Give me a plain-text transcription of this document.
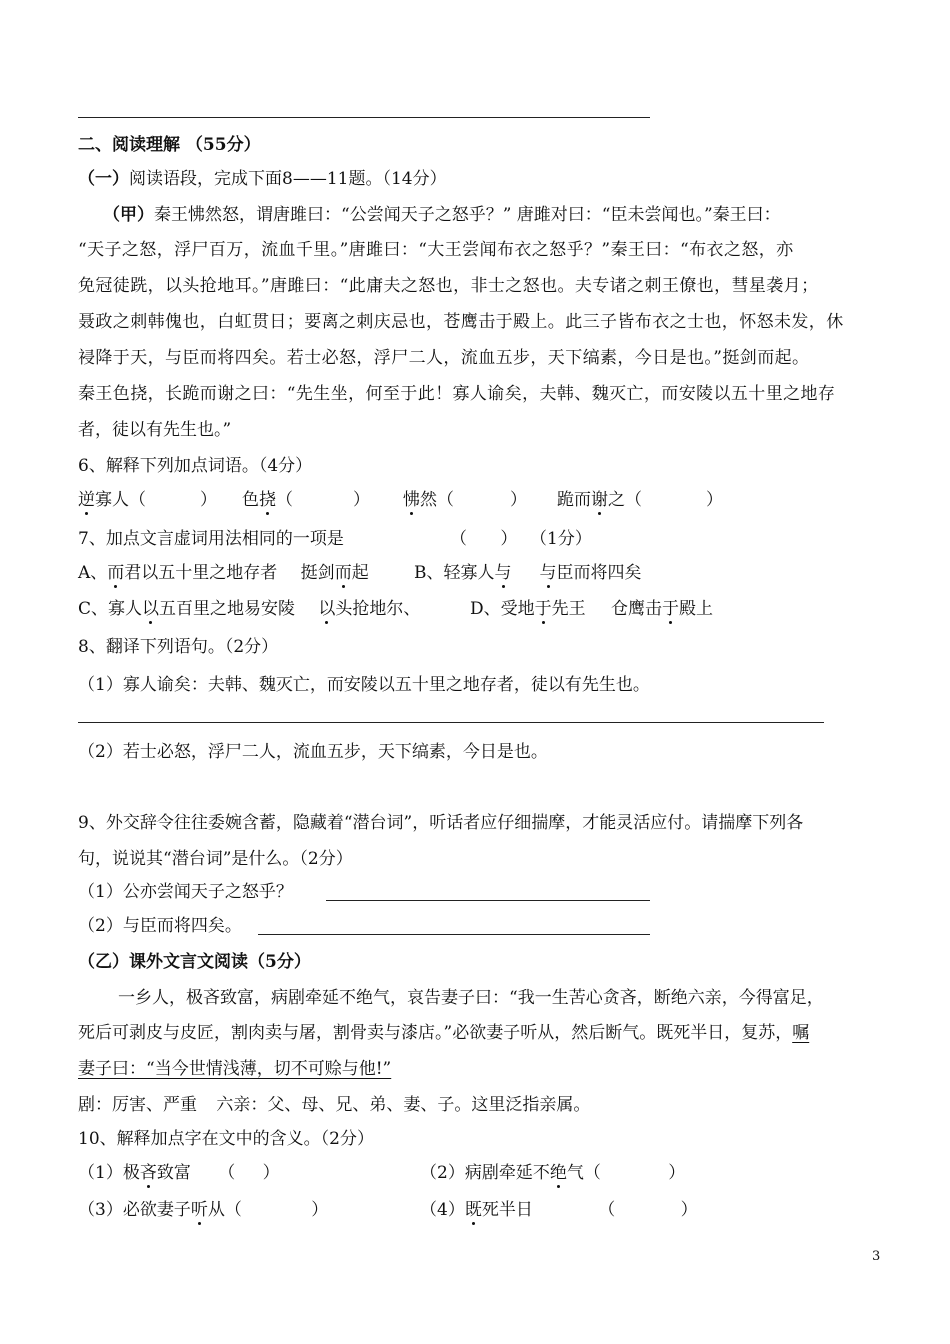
二、阅读理解 （55分）
（一）阅读语段，完成下面8——11题。（14分）
（甲）秦王怫然怒，谓唐雎曰：“公尝闻天子之怒乎？” 唐雎对曰：“臣未尝闻也。”秦王曰：
“天子之怒，浮尸百万，流血千里。”唐雎曰：“大王尝闻布衣之怒乎？”秦王曰：“布衣之怒，亦
免冠徒跣，以头抢地耳。”唐雎曰：“此庸夫之怒也，非士之怒也。夫专诸之刺王僚也，彗星袭月；
聂政之刺韩傀也，白虹贯日；要离之刺庆忌也，苍鹰击于殿上。此三子皆布衣之士也，怀怒未发，休
祲降于天，与臣而将四矣。若士必怒，浮尸二人，流血五步，天下缟素，今日是也。”挺剑而起。
秦王色挠，长跪而谢之曰：“先生坐，何至于此！寡人谕矣，夫韩、魏灭亡，而安陵以五十里之地存
者，徒以有先生也。”
6、解释下列加点词语。（4分）
逆寡人（	） 色挠（	） 怫然（	） 跪而谢之（	）
7、加点文言虚词用法相同的一项是	（ ） （1分）
A、而君以五十里之地存者 挺剑而起	B、轻寡人与 与臣而将四矣
C、寡人以五百里之地易安陵 以头抢地尔、	D、受地于先王 仓鹰击于殿上
8、翻译下列语句。（2分）
（1）寡人谕矣：夫韩、魏灭亡，而安陵以五十里之地存者，徒以有先生也。
（2）若士必怒，浮尸二人，流血五步，天下缟素，今日是也。
9、外交辞令往往委婉含蓄，隐藏着“潜台词”，听话者应仔细揣摩，才能灵活应付。请揣摩下列各
句，说说其“潜台词”是什么。（2分）
（1）公亦尝闻天子之怒乎？
（2）与臣而将四矣。
（乙）课外文言文阅读（5分）
一乡人，极吝致富，病剧牵延不绝气，哀告妻子曰：“我一生苦心贪吝，断绝六亲，今得富足，
死后可剥皮与皮匠，割肉卖与屠，割骨卖与漆店。”必欲妻子听从，然后断气。既死半日，复苏，嘱
妻子曰：“当今世情浅薄，切不可赊与他!”
剧：厉害、严重 六亲：父、母、兄、弟、妻、子。这里泛指亲属。
10、解释加点字在文中的含义。（2分）
（1）极吝致富 （ ）	（2）病剧牵延不绝气（ ）
（3）必欲妻子听从（ ）	（4）既死半日 （ ）
3
